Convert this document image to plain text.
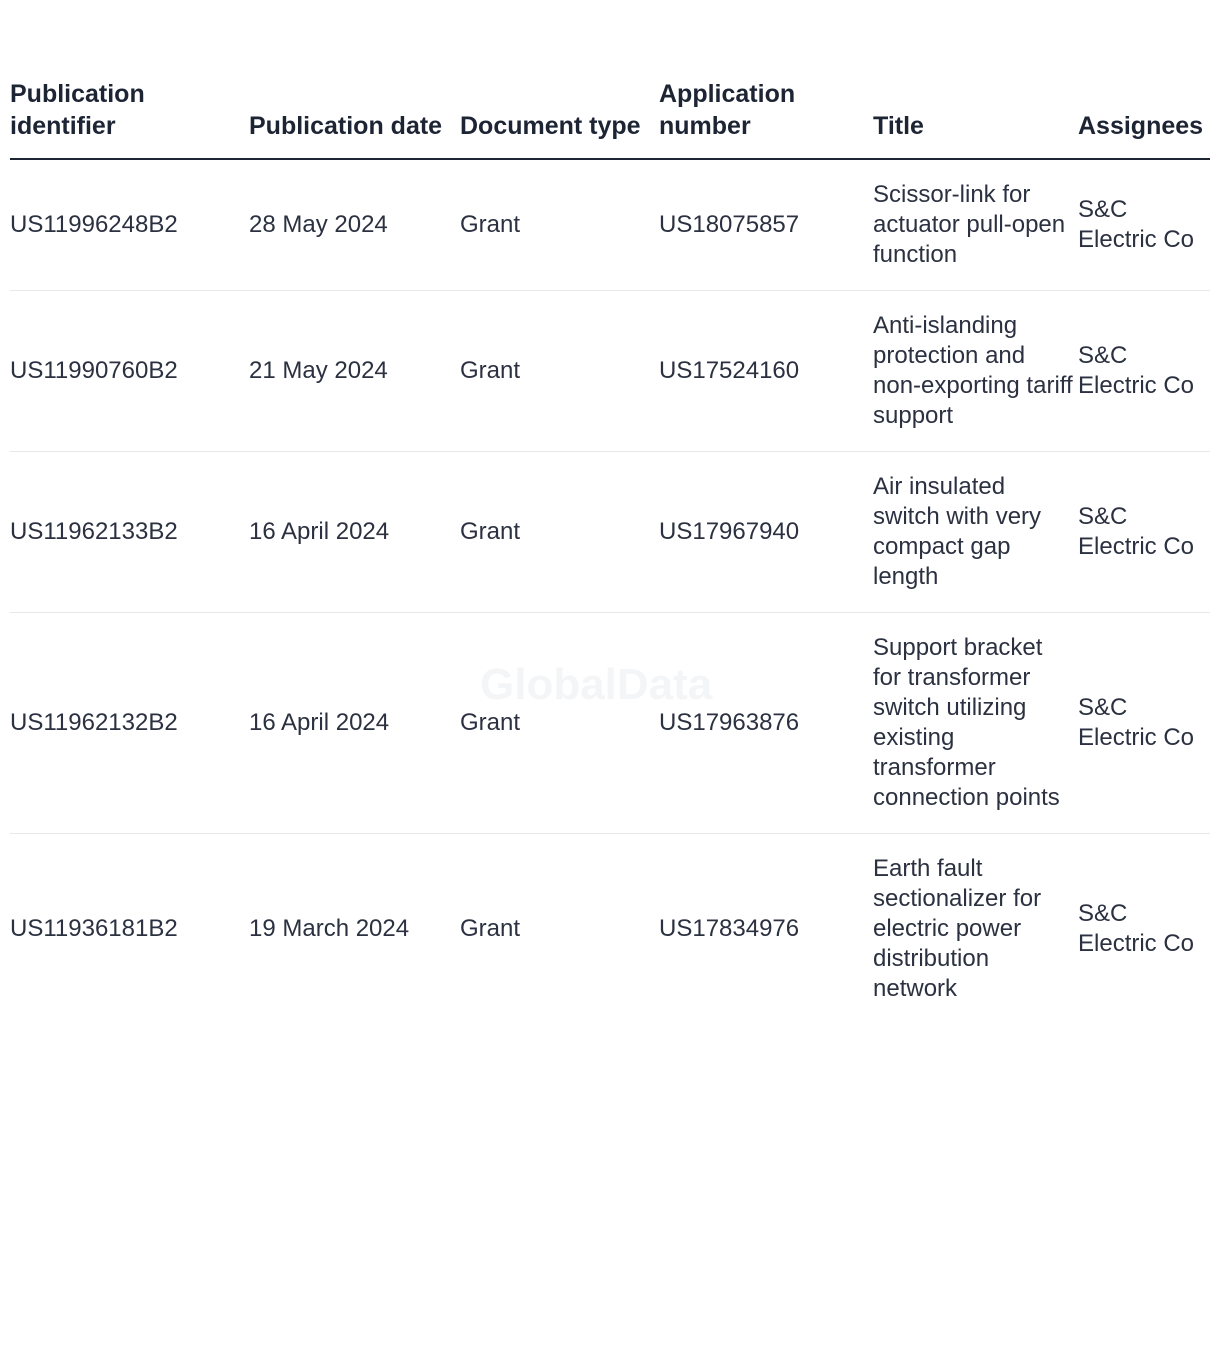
GlobalData
Publication identifier	Publication date	Document type	Application number	Title	Assignees
US11996248B2	28 May 2024	Grant	US18075857	Scissor-link for actuator pull-open function	S&C Electric Co
US11990760B2	21 May 2024	Grant	US17524160	Anti-islanding protection and non-exporting tariff support	S&C Electric Co
US11962133B2	16 April 2024	Grant	US17967940	Air insulated switch with very compact gap length	S&C Electric Co
US11962132B2	16 April 2024	Grant	US17963876	Support bracket for transformer switch utilizing existing transformer connection points	S&C Electric Co
US11936181B2	19 March 2024	Grant	US17834976	Earth fault sectionalizer for electric power distribution network	S&C Electric Co
